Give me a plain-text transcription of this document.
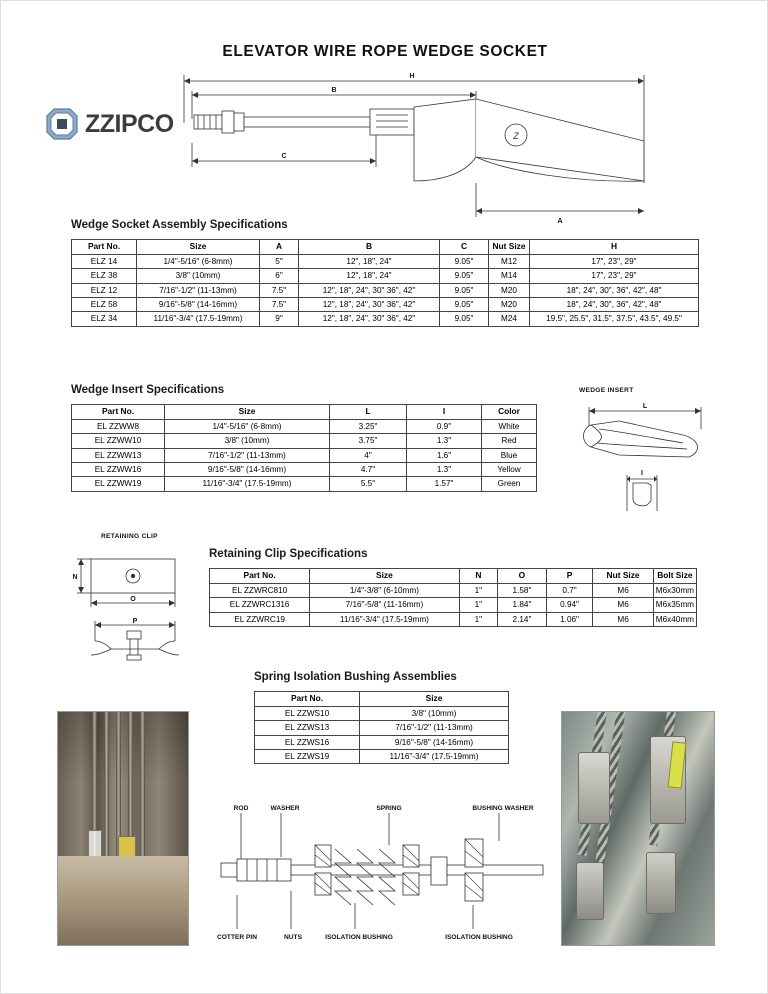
ELEVATOR WIRE ROPE WEDGE SOCKET
ZZIPCO
H
B
C
A
Z
Wedge Socket Assembly Specifications
Part No.	Size	A	B	C	Nut Size	H
ELZ 14	1/4"-5/16" (6-8mm)	5"	12", 18", 24"	9.05"	M12	17", 23", 29"
ELZ 38	3/8" (10mm)	6"	12", 18", 24"	9.05"	M14	17", 23", 29"
ELZ 12	7/16"-1/2" (11-13mm)	7.5"	12", 18", 24", 30" 36", 42"	9.05"	M20	18", 24", 30", 36", 42", 48"
ELZ 58	9/16"-5/8" (14-16mm)	7.5"	12", 18", 24", 30" 36", 42"	9.05"	M20	18", 24", 30", 36", 42", 48"
ELZ 34	11/16"-3/4" (17.5-19mm)	9"	12", 18", 24", 30" 36", 42"	9.05"	M24	19.5", 25.5", 31.5", 37.5", 43.5", 49.5"
Wedge Insert Specifications
Part No.	Size	L	I	Color
EL ZZWW8	1/4"-5/16" (6-8mm)	3.25"	0.9"	White
EL ZZWW10	3/8" (10mm)	3.75"	1.3"	Red
EL ZZWW13	7/16"-1/2" (11-13mm)	4"	1.6"	Blue
EL ZZWW16	9/16"-5/8" (14-16mm)	4.7"	1.3"	Yellow
EL ZZWW19	11/16"-3/4" (17.5-19mm)	5.5"	1.57"	Green
WEDGE INSERT
L
I
RETAINING CLIP
N
O
P
Retaining Clip Specifications
Part No.	Size	N	O	P	Nut Size	Bolt Size
EL ZZWRC810	1/4"-3/8" (6-10mm)	1"	1.58"	0.7"	M6	M6x30mm
EL ZZWRC1316	7/16"-5/8" (11-16mm)	1"	1.84"	0.94"	M6	M6x35mm
EL ZZWRC19	11/16"-3/4" (17.5-19mm)	1"	2.14"	1.06"	M6	M6x40mm
Spring Isolation Bushing Assemblies
Part No.	Size
EL ZZWS10	3/8" (10mm)
EL ZZWS13	7/16"-1/2" (11-13mm)
EL ZZWS16	9/16"-5/8" (14-16mm)
EL ZZWS19	11/16"-3/4" (17.5-19mm)
ROD	WASHER	SPRING	BUSHING WASHER
COTTER PIN	NUTS	ISOLATION BUSHING	ISOLATION BUSHING
